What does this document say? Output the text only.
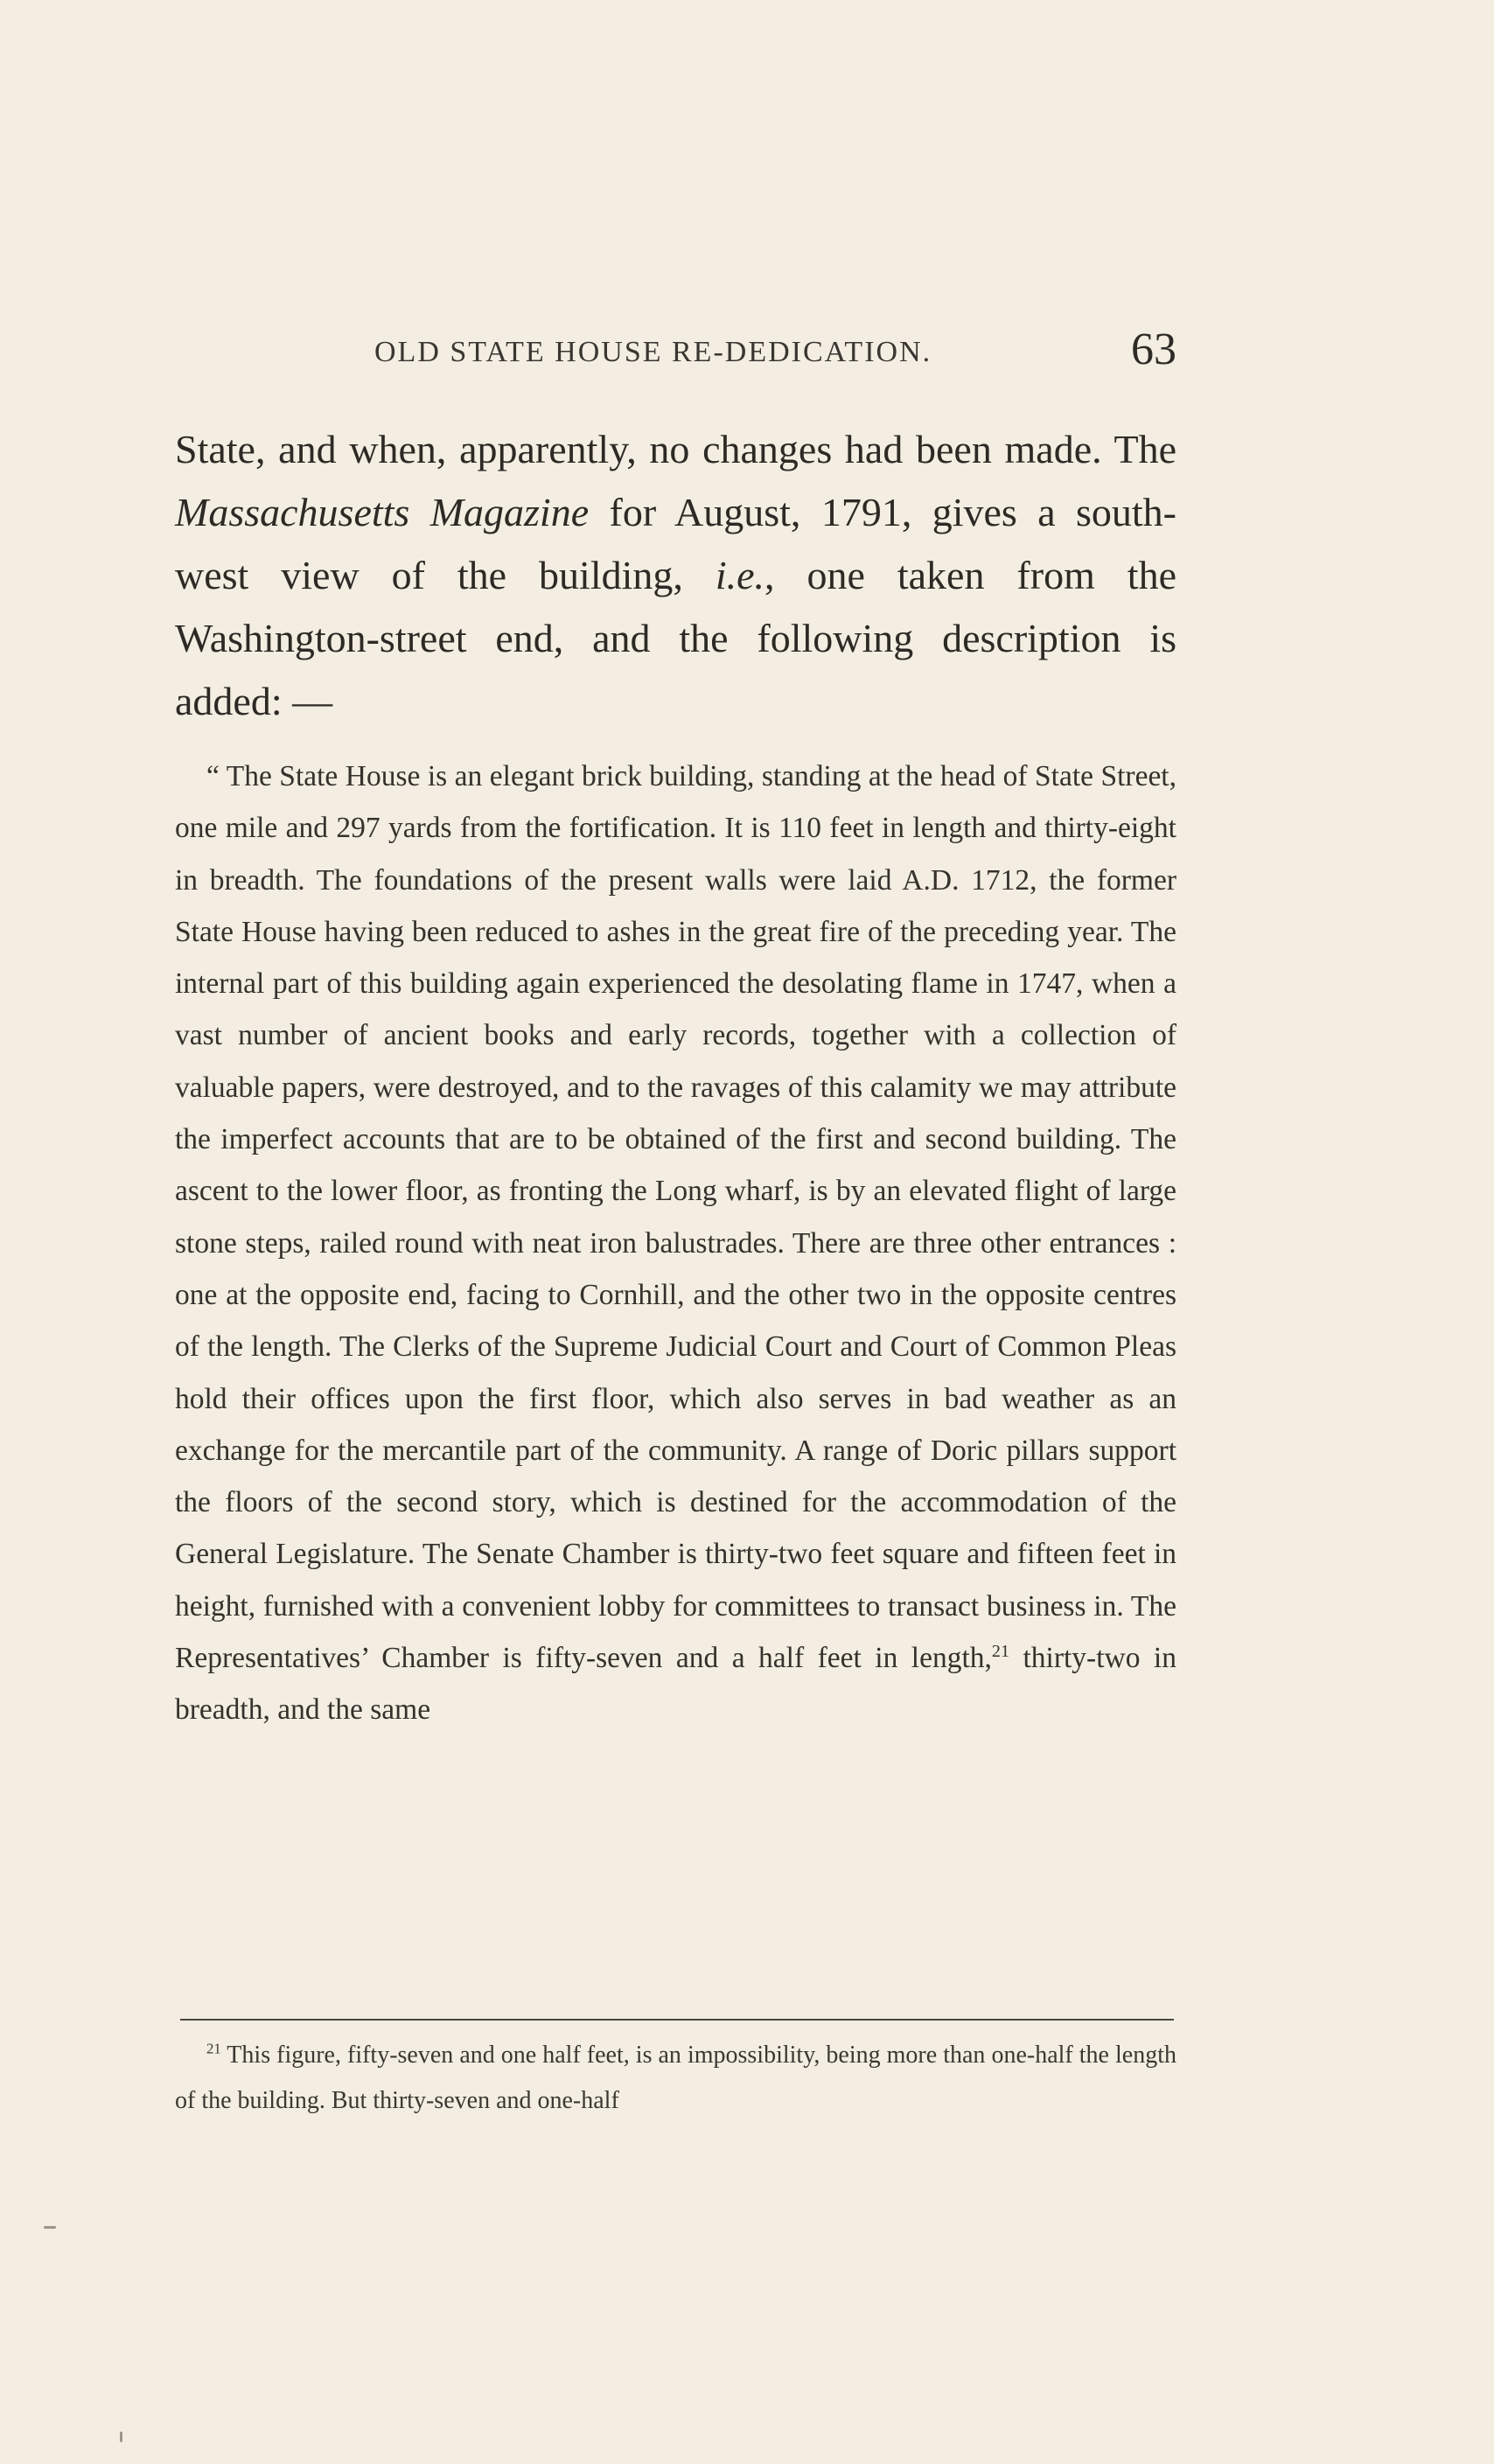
OLD STATE HOUSE RE-DEDICATION.	63
State, and when, apparently, no changes had been made. The Massachusetts Magazine for August, 1791, gives a south-west view of the building, i.e., one taken from the Washington-street end, and the following description is added: —

“ The State House is an elegant brick building, standing at the head of State Street, one mile and 297 yards from the fortification. It is 110 feet in length and thirty-eight in breadth. The foundations of the present walls were laid A.D. 1712, the former State House having been reduced to ashes in the great fire of the preceding year. The internal part of this building again experienced the desolating flame in 1747, when a vast number of ancient books and early records, together with a collection of valuable papers, were destroyed, and to the ravages of this calamity we may attribute the imperfect accounts that are to be obtained of the first and second building. The ascent to the lower floor, as fronting the Long wharf, is by an elevated flight of large stone steps, railed round with neat iron balustrades. There are three other entrances : one at the opposite end, facing to Cornhill, and the other two in the opposite centres of the length. The Clerks of the Supreme Judicial Court and Court of Common Pleas hold their offices upon the first floor, which also serves in bad weather as an exchange for the mercantile part of the community. A range of Doric pillars support the floors of the second story, which is destined for the accommodation of the General Legislature. The Senate Chamber is thirty-two feet square and fifteen feet in height, furnished with a convenient lobby for committees to transact business in. The Representatives’ Chamber is fifty-seven and a half feet in length,$^{21}$ thirty-two in breadth, and the same

$^{21}$ This figure, fifty-seven and one half feet, is an impossibility, being more than one-half the length of the building. But thirty-seven and one-half
